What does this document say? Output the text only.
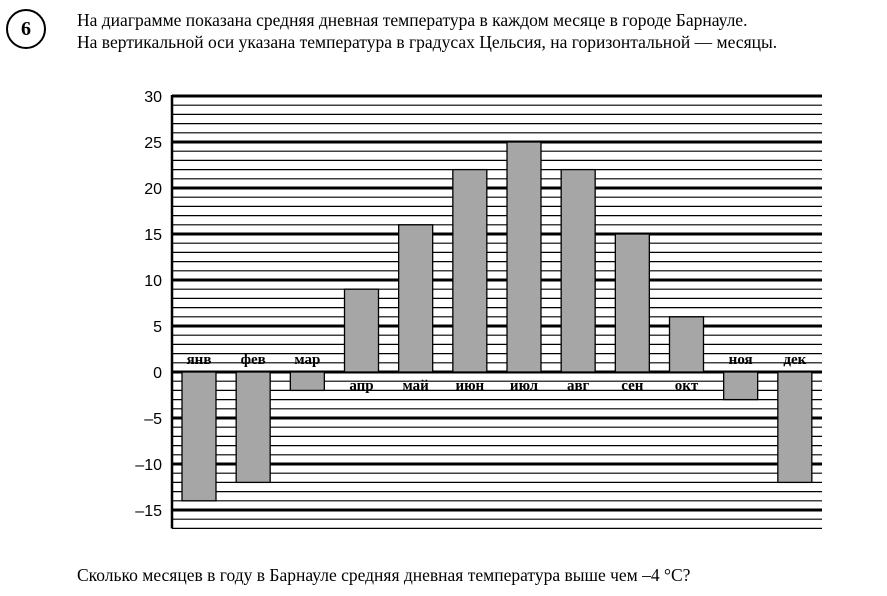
6	На диаграмме показана средняя дневная температура в каждом месяце в городе Барнауле.

На вертикальной оси указана температура в градусах Цельсия, на горизонтальной — месяцы.

30
25
20
15
10
5
0
–5
–10
–15
янв фев мар
апр май июн июл авг сен окт
ноя дек
Сколько месяцев в году в Барнауле средняя дневная температура выше чем –4 °C?
